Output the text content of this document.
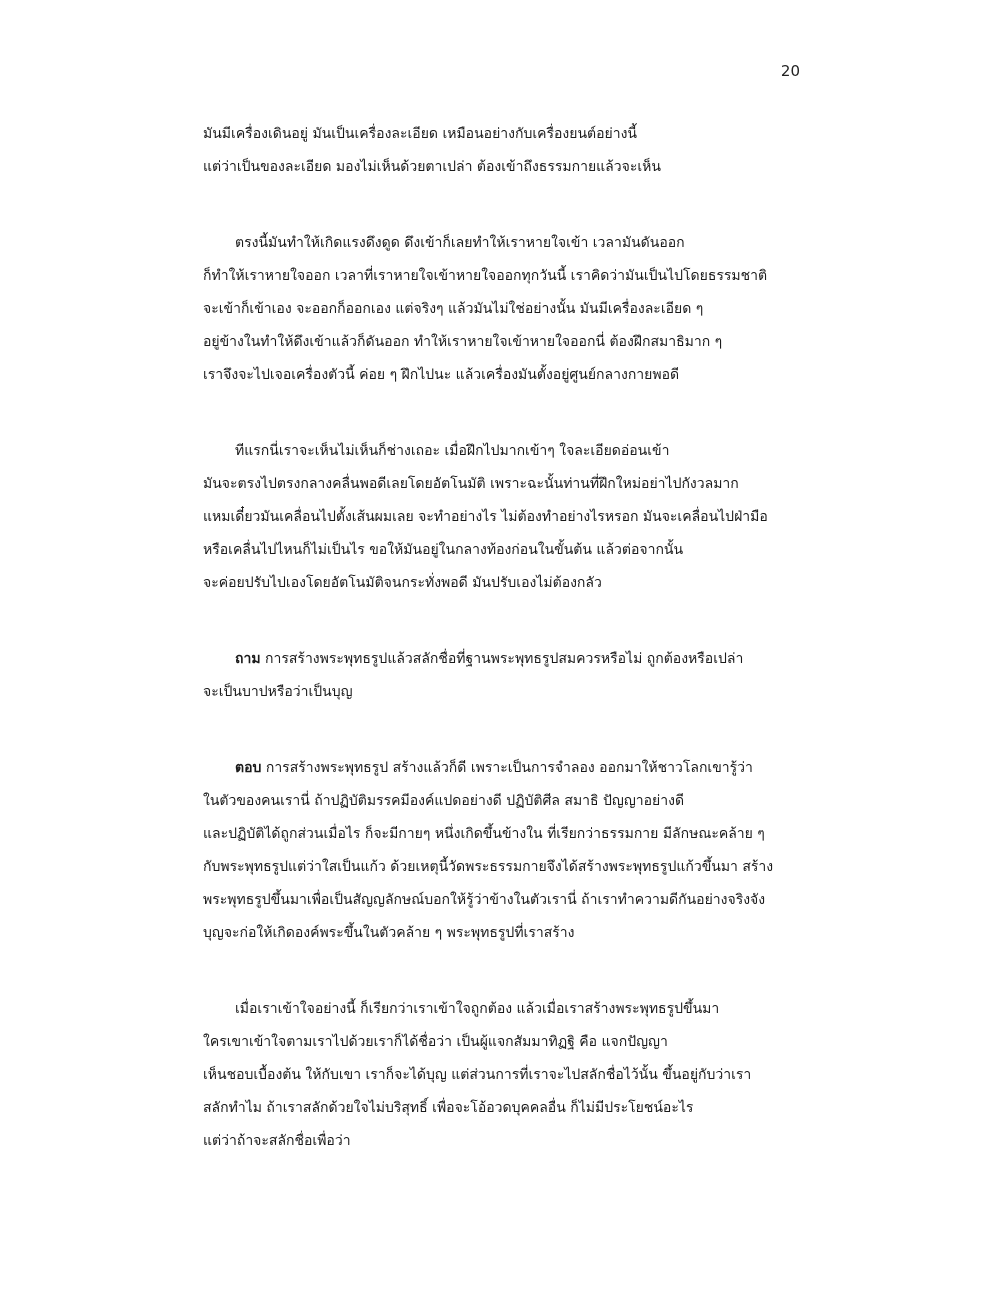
20
มันมีเครื่องเดินอยู่ มันเป็นเครื่องละเอียด เหมือนอย่างกับเครื่องยนต์อย่างนี้
แต่ว่าเป็นของละเอียด มองไม่เห็นด้วยตาเปล่า ต้องเข้าถึงธรรมกายแล้วจะเห็น
ตรงนี้มันทำให้เกิดแรงดึงดูด ดึงเข้าก็เลยทำให้เราหายใจเข้า เวลามันดันออก
ก็ทำให้เราหายใจออก เวลาที่เราหายใจเข้าหายใจออกทุกวันนี้ เราคิดว่ามันเป็นไปโดยธรรมชาติ
จะเข้าก็เข้าเอง จะออกก็ออกเอง แต่จริงๆ แล้วมันไม่ใช่อย่างนั้น มันมีเครื่องละเอียด ๆ
อยู่ข้างในทำให้ดึงเข้าแล้วก็ดันออก ทำให้เราหายใจเข้าหายใจออกนี่ ต้องฝึกสมาธิมาก ๆ
เราจึงจะไปเจอเครื่องตัวนี้ ค่อย ๆ ฝึกไปนะ แล้วเครื่องมันตั้งอยู่ศูนย์กลางกายพอดี
ทีแรกนี่เราจะเห็นไม่เห็นก็ช่างเถอะ เมื่อฝึกไปมากเข้าๆ ใจละเอียดอ่อนเข้า
มันจะตรงไปตรงกลางคลื่นพอดีเลยโดยอัตโนมัติ เพราะฉะนั้นท่านที่ฝึกใหม่อย่าไปกังวลมาก
แหมเดี๋ยวมันเคลื่อนไปตั้งเส้นผมเลย จะทำอย่างไร ไม่ต้องทำอย่างไรหรอก มันจะเคลื่อนไปฝ่ามือ
หรือเคลื่นไปไหนก็ไม่เป็นไร ขอให้มันอยู่ในกลางท้องก่อนในขั้นต้น แล้วต่อจากนั้น
จะค่อยปรับไปเองโดยอัตโนมัติจนกระทั่งพอดี มันปรับเองไม่ต้องกลัว
ถาม การสร้างพระพุทธรูปแล้วสลักชื่อที่ฐานพระพุทธรูปสมควรหรือไม่ ถูกต้องหรือเปล่า
จะเป็นบาปหรือว่าเป็นบุญ
ตอบ การสร้างพระพุทธรูป สร้างแล้วก็ดี เพราะเป็นการจำลอง ออกมาให้ชาวโลกเขารู้ว่า
ในตัวของคนเรานี่ ถ้าปฏิบัติมรรคมีองค์แปดอย่างดี ปฏิบัติศีล สมาธิ ปัญญาอย่างดี
และปฏิบัติได้ถูกส่วนเมื่อไร ก็จะมีกายๆ หนึ่งเกิดขึ้นข้างใน ที่เรียกว่าธรรมกาย มีลักษณะคล้าย ๆ
กับพระพุทธรูปแต่ว่าใสเป็นแก้ว ด้วยเหตุนี้วัดพระธรรมกายจึงได้สร้างพระพุทธรูปแก้วขึ้นมา สร้าง
พระพุทธรูปขึ้นมาเพื่อเป็นสัญญลักษณ์บอกให้รู้ว่าข้างในตัวเรานี่ ถ้าเราทำความดีกันอย่างจริงจัง
บุญจะก่อให้เกิดองค์พระขึ้นในตัวคล้าย ๆ พระพุทธรูปที่เราสร้าง
เมื่อเราเข้าใจอย่างนี้ ก็เรียกว่าเราเข้าใจถูกต้อง แล้วเมื่อเราสร้างพระพุทธรูปขึ้นมา
ใครเขาเข้าใจตามเราไปด้วยเราก็ได้ชื่อว่า เป็นผู้แจกสัมมาทิฏฐิ คือ แจกปัญญา
เห็นชอบเบื้องต้น ให้กับเขา เราก็จะได้บุญ แต่ส่วนการที่เราจะไปสลักชื่อไว้นั้น ขึ้นอยู่กับว่าเรา
สลักทำไม ถ้าเราสลักด้วยใจไม่บริสุทธิ์ เพื่อจะโอ้อวดบุคคลอื่น ก็ไม่มีประโยชน์อะไร
แต่ว่าถ้าจะสลักชื่อเพื่อว่า
